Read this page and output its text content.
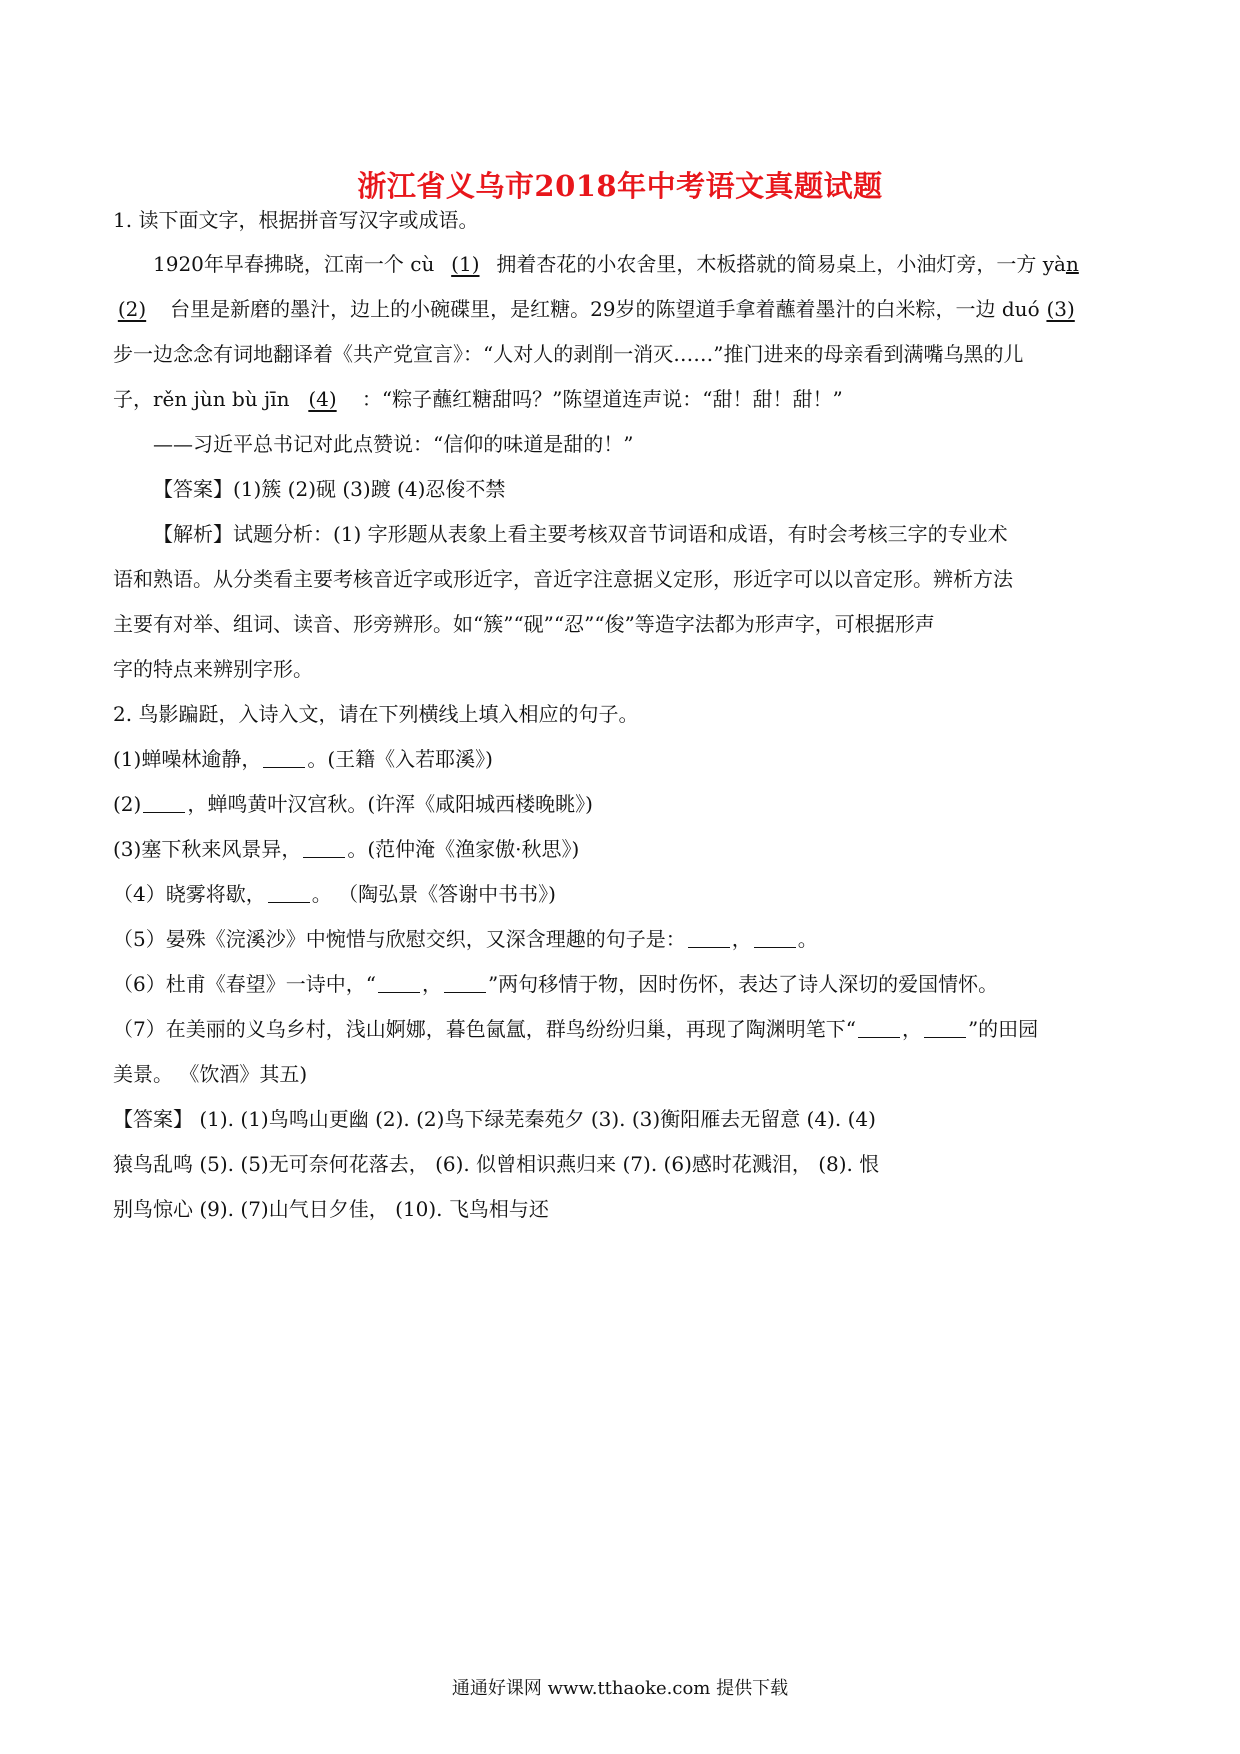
浙江省义乌市2018年中考语文真题试题
1. 读下面文字，根据拼音写汉字或成语。
1920年早春拂晓，江南一个 cù (1) 拥着杏花的小农舍里，木板搭就的简易桌上，小油灯旁，一方 yàn
(2) 台里是新磨的墨汁，边上的小碗碟里，是红糖。29岁的陈望道手拿着蘸着墨汁的白米粽，一边 duó (3)
步一边念念有词地翻译着《共产党宣言》：“人对人的剥削一消灭……”推门进来的母亲看到满嘴乌黑的儿
子，rěn jùn bù jīn (4) ：“粽子蘸红糖甜吗？”陈望道连声说：“甜！甜！甜！”
——习近平总书记对此点赞说：“信仰的味道是甜的！”
【答案】(1)簇 (2)砚 (3)踱 (4)忍俊不禁
【解析】试题分析：(1) 字形题从表象上看主要考核双音节词语和成语，有时会考核三字的专业术
语和熟语。从分类看主要考核音近字或形近字，音近字注意据义定形，形近字可以以音定形。辨析方法
主要有对举、组词、读音、形旁辨形。如“簇”“砚”“忍”“俊”等造字法都为形声字，可根据形声
字的特点来辨别字形。
2. 鸟影蹁跹，入诗入文，请在下列横线上填入相应的句子。
(1)蝉噪林逾静， 。(王籍《入若耶溪》)
(2) ，蝉鸣黄叶汉宫秋。(许浑《咸阳城西楼晚眺》)
(3)塞下秋来风景异， 。(范仲淹《渔家傲·秋思》)
（4）晓雾将歇， 。 （陶弘景《答谢中书书》)
（5）晏殊《浣溪沙》中惋惜与欣慰交织，又深含理趣的句子是： ， 。
（6）杜甫《春望》一诗中，“ ， ”两句移情于物，因时伤怀，表达了诗人深切的爱国情怀。
（7）在美丽的义乌乡村，浅山婀娜，暮色氤氲，群鸟纷纷归巢，再现了陶渊明笔下“ ， ”的田园
美景。 《饮酒》其五)
【答案】 (1). (1)鸟鸣山更幽 (2). (2)鸟下绿芜秦苑夕 (3). (3)衡阳雁去无留意 (4). (4)
猿鸟乱鸣 (5). (5)无可奈何花落去， (6). 似曾相识燕归来 (7). (6)感时花溅泪， (8). 恨
别鸟惊心 (9). (7)山气日夕佳， (10). 飞鸟相与还
通通好课网 www.tthaoke.com 提供下载
